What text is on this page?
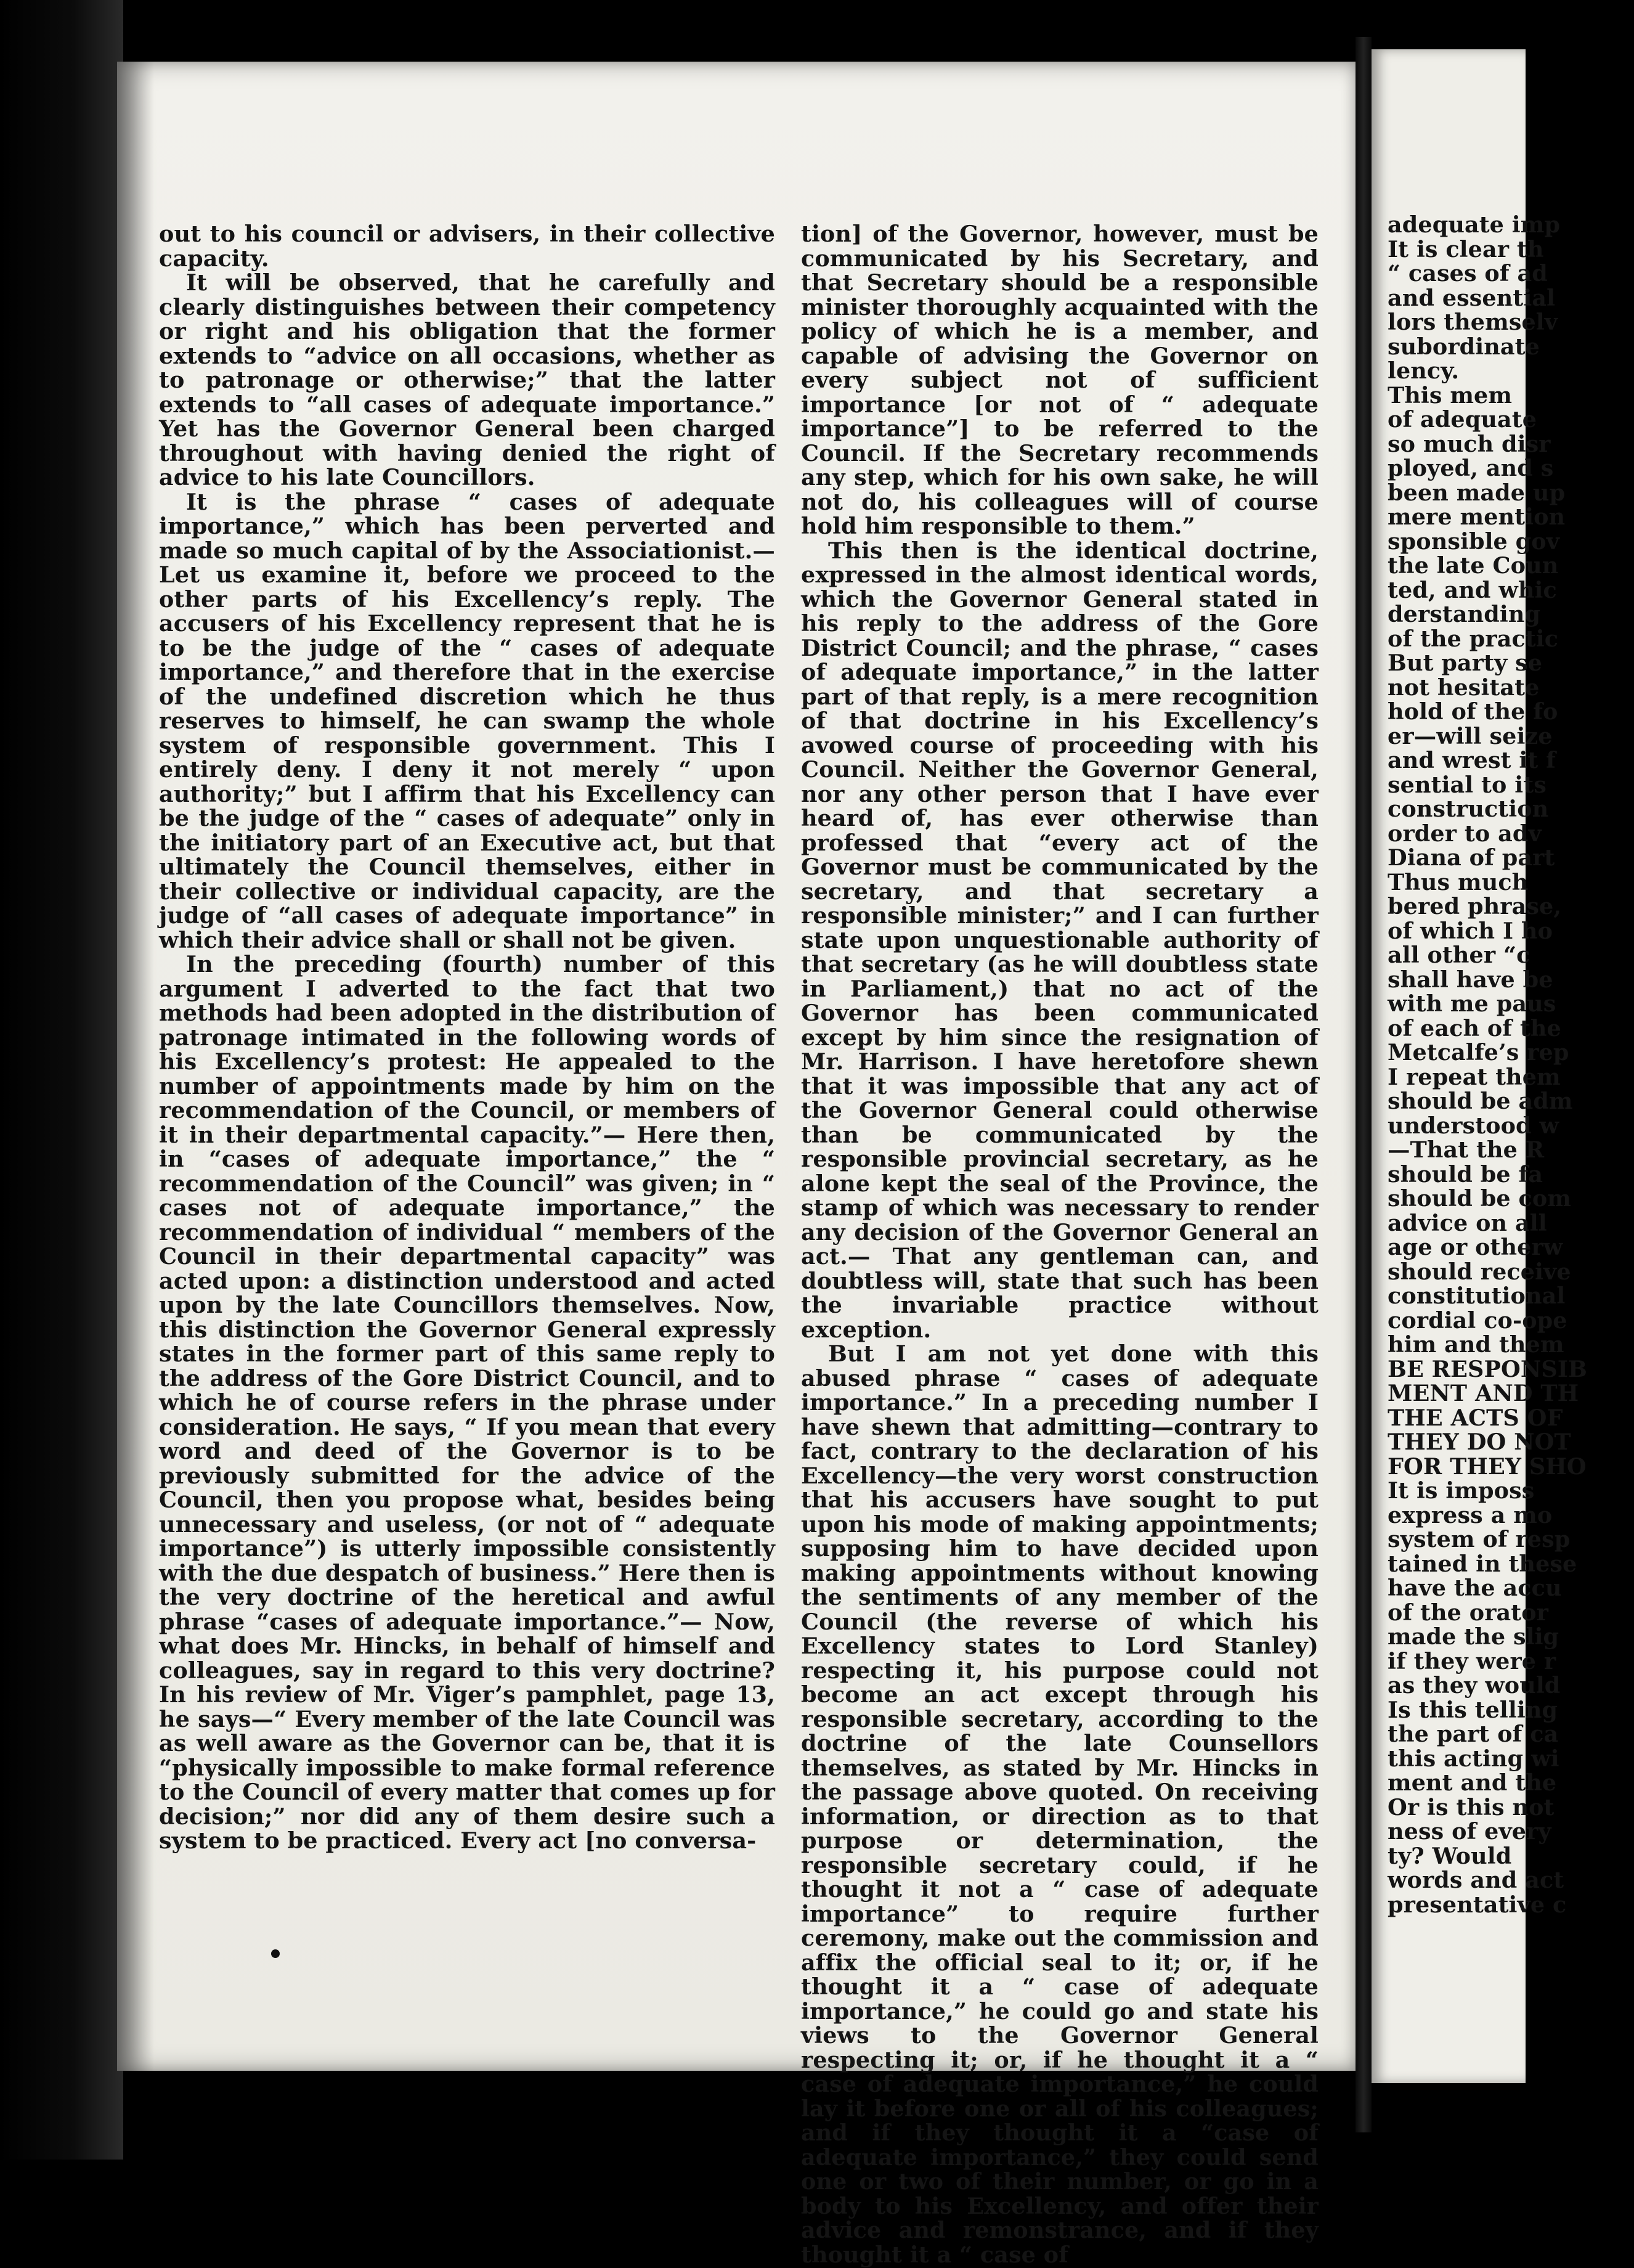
out to his council or advisers, in their collective capacity.

It will be observed, that he carefully and clearly distinguishes between their competency or right and his obligation that the former extends to “advice on all occasions, whether as to patronage or otherwise;” that the latter extends to “all cases of adequate importance.” Yet has the Governor General been charged throughout with having denied the right of advice to his late Councillors.

It is the phrase “ cases of adequate importance,” which has been perverted and made so much capital of by the Associationist.— Let us examine it, before we proceed to the other parts of his Excellency’s reply. The accusers of his Excellency represent that he is to be the judge of the “ cases of adequate importance,” and therefore that in the exercise of the undefined discretion which he thus reserves to himself, he can swamp the whole system of responsible government. This I entirely deny. I deny it not merely “ upon authority;” but I affirm that his Excellency can be the judge of the “ cases of adequate” only in the initiatory part of an Executive act, but that ultimately the Council themselves, either in their collective or individual capacity, are the judge of “all cases of adequate importance” in which their advice shall or shall not be given.

In the preceding (fourth) number of this argument I adverted to the fact that two methods had been adopted in the distribution of patronage intimated in the following words of his Excellency’s protest: He appealed to the number of appointments made by him on the recommendation of the Council, or members of it in their departmental capacity.”— Here then, in “cases of adequate importance,” the “ recommendation of the Council” was given; in “ cases not of adequate importance,” the recommendation of individual “ members of the Council in their departmental capacity” was acted upon: a distinction understood and acted upon by the late Councillors themselves. Now, this distinction the Governor General expressly states in the former part of this same reply to the address of the Gore District Council, and to which he of course refers in the phrase under consideration. He says, “ If you mean that every word and deed of the Governor is to be previously submitted for the advice of the Council, then you propose what, besides being unnecessary and useless, (or not of “ adequate importance”) is utterly impossible consistently with the due despatch of business.” Here then is the very doctrine of the heretical and awful phrase “cases of adequate importance.”— Now, what does Mr. Hincks, in behalf of himself and colleagues, say in regard to this very doctrine? In his review of Mr. Viger’s pamphlet, page 13, he says—“ Every member of the late Council was as well aware as the Governor can be, that it is “physically impossible to make formal reference to the Council of every matter that comes up for decision;” nor did any of them desire such a system to be practiced. Every act [no conversa-

tion] of the Governor, however, must be communicated by his Secretary, and that Secretary should be a responsible minister thoroughly acquainted with the policy of which he is a member, and capable of advising the Governor on every subject not of sufficient importance [or not of “ adequate importance”] to be referred to the Council. If the Secretary recommends any step, which for his own sake, he will not do, his colleagues will of course hold him responsible to them.”

This then is the identical doctrine, expressed in the almost identical words, which the Governor General stated in his reply to the address of the Gore District Council; and the phrase, “ cases of adequate importance,” in the latter part of that reply, is a mere recognition of that doctrine in his Excellency’s avowed course of proceeding with his Council. Neither the Governor General, nor any other person that I have ever heard of, has ever otherwise than professed that “every act of the Governor must be communicated by the secretary, and that secretary a responsible minister;” and I can further state upon unquestionable authority of that secretary (as he will doubtless state in Parliament,) that no act of the Governor has been communicated except by him since the resignation of Mr. Harrison. I have heretofore shewn that it was impossible that any act of the Governor General could otherwise than be communicated by the responsible provincial secretary, as he alone kept the seal of the Province, the stamp of which was necessary to render any decision of the Governor General an act.— That any gentleman can, and doubtless will, state that such has been the invariable practice without exception.

But I am not yet done with this abused phrase “ cases of adequate importance.” In a preceding number I have shewn that admitting—contrary to fact, contrary to the declaration of his Excellency—the very worst construction that his accusers have sought to put upon his mode of making appointments; supposing him to have decided upon making appointments without knowing the sentiments of any member of the Council (the reverse of which his Excellency states to Lord Stanley) respecting it, his purpose could not become an act except through his responsible secretary, according to the doctrine of the late Counsellors themselves, as stated by Mr. Hincks in the passage above quoted. On receiving information, or direction as to that purpose or determination, the responsible secretary could, if he thought it not a “ case of adequate importance” to require further ceremony, make out the commission and affix the official seal to it; or, if he thought it a “ case of adequate importance,” he could go and state his views to the Governor General respecting it; or, if he thought it a “ case of adequate importance,” he could lay it before one or all of his colleagues; and if they thought it a “case of adequate importance,” they could send one or two of their number, or go in a body to his Excellency, and offer their advice and remonstrance, and if they thought it a “ case of

adequate imp
It is clear th
“ cases of ad
and essential
lors themselv
subordinate
lency.
This mem
of adequate
so much disr
ployed, and s
been made up
mere mention
sponsible gov
the late Coun
ted, and whic
derstanding
of the practic
But party se
not hesitate
hold of the fo
er—will seize
and wrest it f
sential to its
construction
order to adv
Diana of part
Thus much
bered phrase,
of which I ho
all other “c
shall have be
with me paus
of each of the
Metcalfe’s rep
I repeat them
should be adm
understood w
—That the R
should be fa
should be com
advice on all
age or otherw
should receive
constitutional
cordial co-ope
him and them
BE RESPONSIB
MENT AND TH
THE ACTS OF
THEY DO NOT
FOR THEY SHO
It is imposs
express a mo
system of resp
tained in these
have the accu
of the orator
made the slig
if they were r
as they would
Is this telling
the part of ca
this acting wi
ment and the
Or is this not
ness of every
ty? Would
words and act
presentative c
